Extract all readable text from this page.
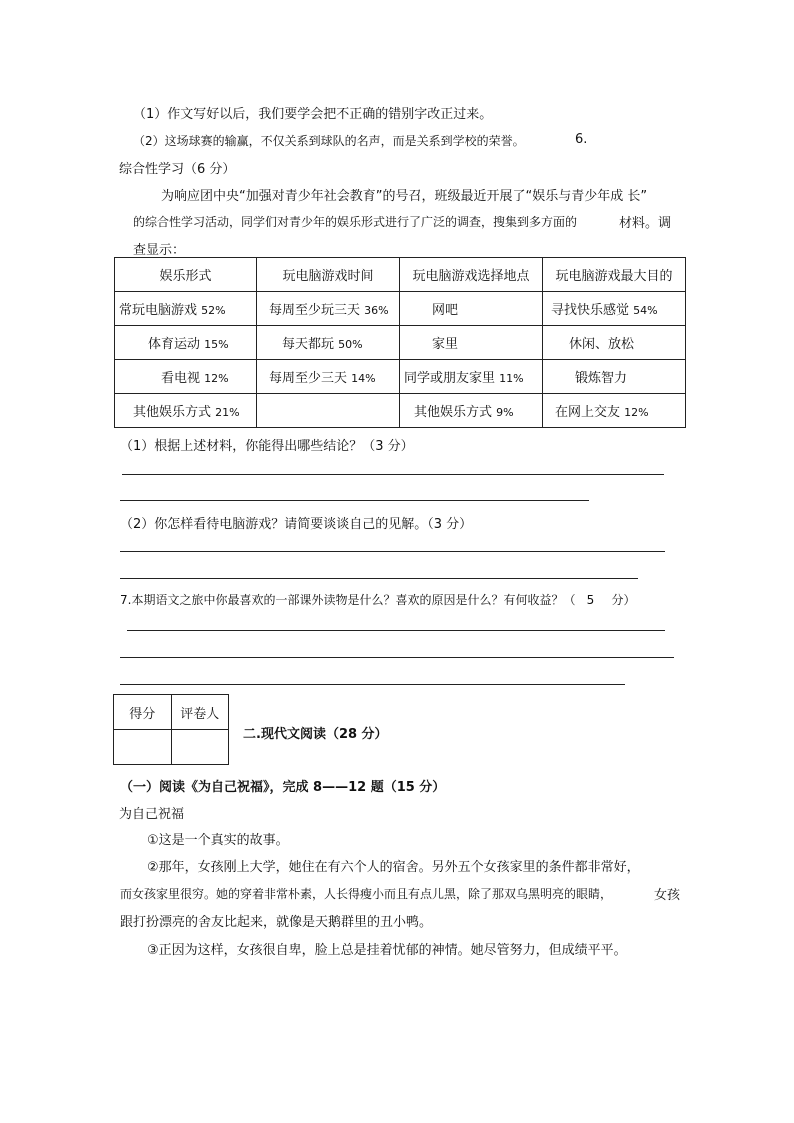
（1）作文写好以后，我们要学会把不正确的错别字改正过来。
（2）这场球赛的输赢，不仅关系到球队的名声，而是关系到学校的荣誉。	6.
综合性学习（6 分）
为响应团中央“加强对青少年社会教育”的号召，班级最近开展了“娱乐与青少年成 长”
的综合性学习活动，同学们对青少年的娱乐形式进行了广泛的调查，搜集到多方面的	材料。调
查显示：
娱乐形式	玩电脑游戏时间	玩电脑游戏选择地点	玩电脑游戏最大目的
常玩电脑游戏 52%	每周至少玩三天 36%	网吧	寻找快乐感觉 54%
体育运动 15%	每天都玩 50%	家里	休闲、放松
看电视 12%	每周至少三天 14%	同学或朋友家里 11%	锻炼智力
其他娱乐方式 21%		其他娱乐方式 9%	在网上交友 12%
（1）根据上述材料，你能得出哪些结论？（3 分）
（2）你怎样看待电脑游戏？请简要谈谈自己的见解。（3 分）
7.本期语文之旅中你最喜欢的一部课外读物是什么？喜欢的原因是什么？有何收益？（ 5 分）
得分	评卷人

二.现代文阅读（28 分）
（一）阅读《为自己祝福》，完成 8——12 题（15 分）
为自己祝福
①这是一个真实的故事。
②那年，女孩刚上大学，她住在有六个人的宿舍。另外五个女孩家里的条件都非常好，
而女孩家里很穷。她的穿着非常朴素，人长得瘦小而且有点儿黑，除了那双乌黑明亮的眼睛，	女孩
跟打扮漂亮的舍友比起来，就像是天鹅群里的丑小鸭。
③正因为这样，女孩很自卑，脸上总是挂着忧郁的神情。她尽管努力，但成绩平平。
